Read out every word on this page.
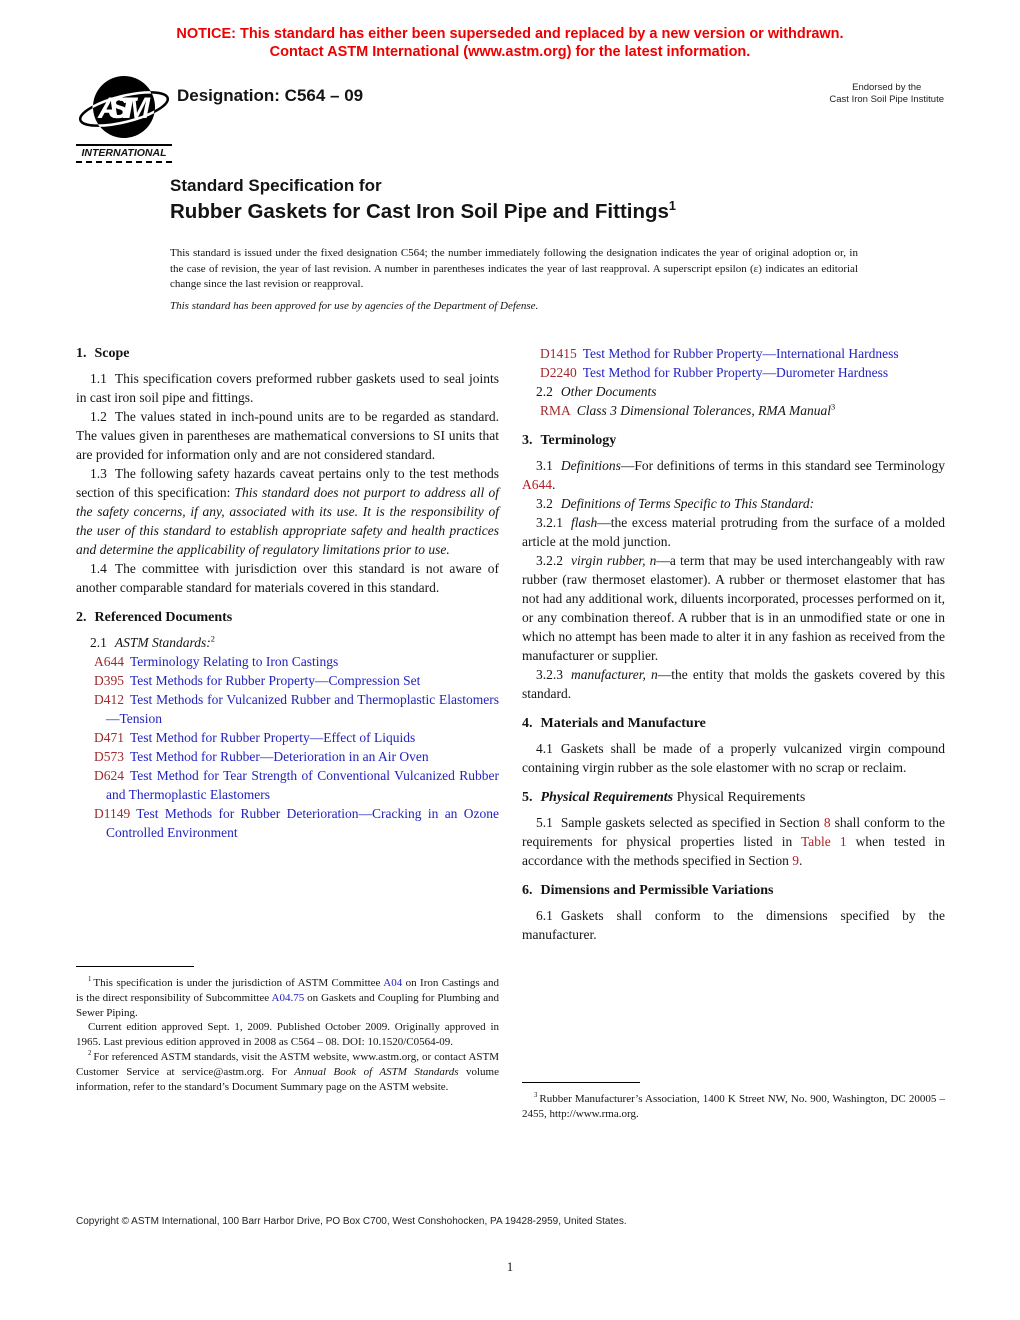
NOTICE: This standard has either been superseded and replaced by a new version or withdrawn.
Contact ASTM International (www.astm.org) for the latest information.
ASTM
INTERNATIONAL
Designation: C564 – 09	Endorsed by the
Cast Iron Soil Pipe Institute
Standard Specification for
Rubber Gaskets for Cast Iron Soil Pipe and Fittings$^1$
This standard is issued under the fixed designation C564; the number immediately following the designation indicates the year of original adoption or, in the case of revision, the year of last revision. A number in parentheses indicates the year of last reapproval. A superscript epsilon (ε) indicates an editorial change since the last revision or reapproval.
This standard has been approved for use by agencies of the Department of Defense.
1. Scope

1.1 This specification covers preformed rubber gaskets used to seal joints in cast iron soil pipe and fittings.

1.2 The values stated in inch-pound units are to be regarded as standard. The values given in parentheses are mathematical conversions to SI units that are provided for information only and are not considered standard.

1.3 The following safety hazards caveat pertains only to the test methods section of this specification: This standard does not purport to address all of the safety concerns, if any, associated with its use. It is the responsibility of the user of this standard to establish appropriate safety and health practices and determine the applicability of regulatory limitations prior to use.

1.4 The committee with jurisdiction over this standard is not aware of another comparable standard for materials covered in this standard.

2. Referenced Documents

2.1 ASTM Standards:$^2$

A644 Terminology Relating to Iron Castings
D395 Test Methods for Rubber Property—Compression Set
D412 Test Methods for Vulcanized Rubber and Thermoplastic Elastomers—Tension
D471 Test Method for Rubber Property—Effect of Liquids
D573 Test Method for Rubber—Deterioration in an Air Oven
D624 Test Method for Tear Strength of Conventional Vulcanized Rubber and Thermoplastic Elastomers
D1149 Test Methods for Rubber Deterioration—Cracking in an Ozone Controlled Environment
D1415 Test Method for Rubber Property—International Hardness
D2240 Test Method for Rubber Property—Durometer Hardness

2.2 Other Documents

RMA Class 3 Dimensional Tolerances, RMA Manual$^3$
3. Terminology

3.1 Definitions—For definitions of terms in this standard see Terminology A644.

3.2 Definitions of Terms Specific to This Standard:

3.2.1 flash—the excess material protruding from the surface of a molded article at the mold junction.

3.2.2 virgin rubber, n—a term that may be used interchangeably with raw rubber (raw thermoset elastomer). A rubber or thermoset elastomer that has not had any additional work, diluents incorporated, processes performed on it, or any combination thereof. A rubber that is in an unmodified state or one in which no attempt has been made to alter it in any fashion as received from the manufacturer or supplier.

3.2.3 manufacturer, n—the entity that molds the gaskets covered by this standard.

4. Materials and Manufacture

4.1 Gaskets shall be made of a properly vulcanized virgin compound containing virgin rubber as the sole elastomer with no scrap or reclaim.

5. Physical Requirements Physical Requirements

5.1 Sample gaskets selected as specified in Section 8 shall conform to the requirements for physical properties listed in Table 1 when tested in accordance with the methods specified in Section 9.

6. Dimensions and Permissible Variations

6.1 Gaskets shall conform to the dimensions specified by the manufacturer.

$^1$ This specification is under the jurisdiction of ASTM Committee A04 on Iron Castings and is the direct responsibility of Subcommittee A04.75 on Gaskets and Coupling for Plumbing and Sewer Piping.

Current edition approved Sept. 1, 2009. Published October 2009. Originally approved in 1965. Last previous edition approved in 2008 as C564 – 08. DOI: 10.1520/C0564-09.

$^2$ For referenced ASTM standards, visit the ASTM website, www.astm.org, or contact ASTM Customer Service at service@astm.org. For Annual Book of ASTM Standards volume information, refer to the standard’s Document Summary page on the ASTM website.

$^3$ Rubber Manufacturer’s Association, 1400 K Street NW, No. 900, Washington, DC 20005 – 2455, http://www.rma.org.

Copyright © ASTM International, 100 Barr Harbor Drive, PO Box C700, West Conshohocken, PA 19428-2959, United States.
1
